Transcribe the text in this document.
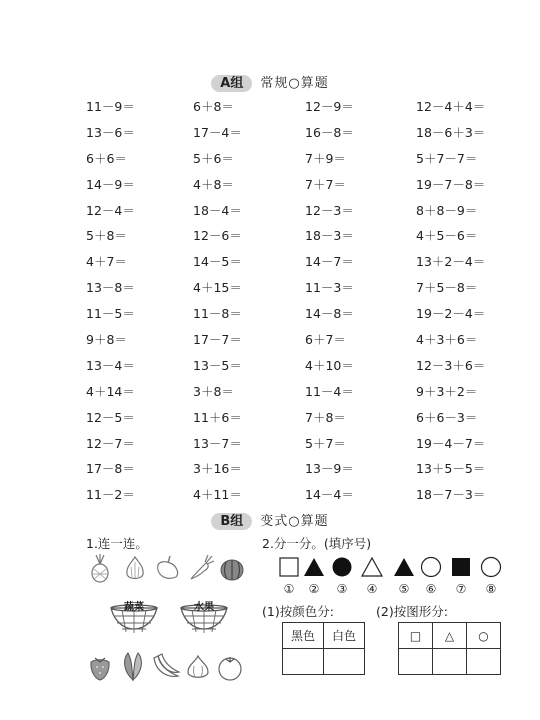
A组 常规○算题
11－9＝	6＋8＝	12－9＝	12－4＋4＝
13－6＝	17－4＝	16－8＝	18－6＋3＝
6＋6＝	5＋6＝	7＋9＝	5＋7－7＝
14－9＝	4＋8＝	7＋7＝	19－7－8＝
12－4＝	18－4＝	12－3＝	8＋8－9＝
5＋8＝	12－6＝	18－3＝	4＋5－6＝
4＋7＝	14－5＝	14－7＝	13＋2－4＝
13－8＝	4＋15＝	11－3＝	7＋5－8＝
11－5＝	11－8＝	14－8＝	19－2－4＝
9＋8＝	17－7＝	6＋7＝	4＋3＋6＝
13－4＝	13－5＝	4＋10＝	12－3＋6＝
4＋14＝	3＋8＝	11－4＝	9＋3＋2＝
12－5＝	11＋6＝	7＋8＝	6＋6－3＝
12－7＝	13－7＝	5＋7＝	19－4－7＝
17－8＝	3＋16＝	13－9＝	13＋5－5＝
11－2＝	4＋11＝	14－4＝	18－7－3＝
B组 变式○算题
1.连一连。
蔬菜	水果
2.分一分。(填序号)
①	②	③	④	⑤	⑥	⑦	⑧
(1)按颜色分:	(2)按图形分:
黑色	白色
		□	△	○
